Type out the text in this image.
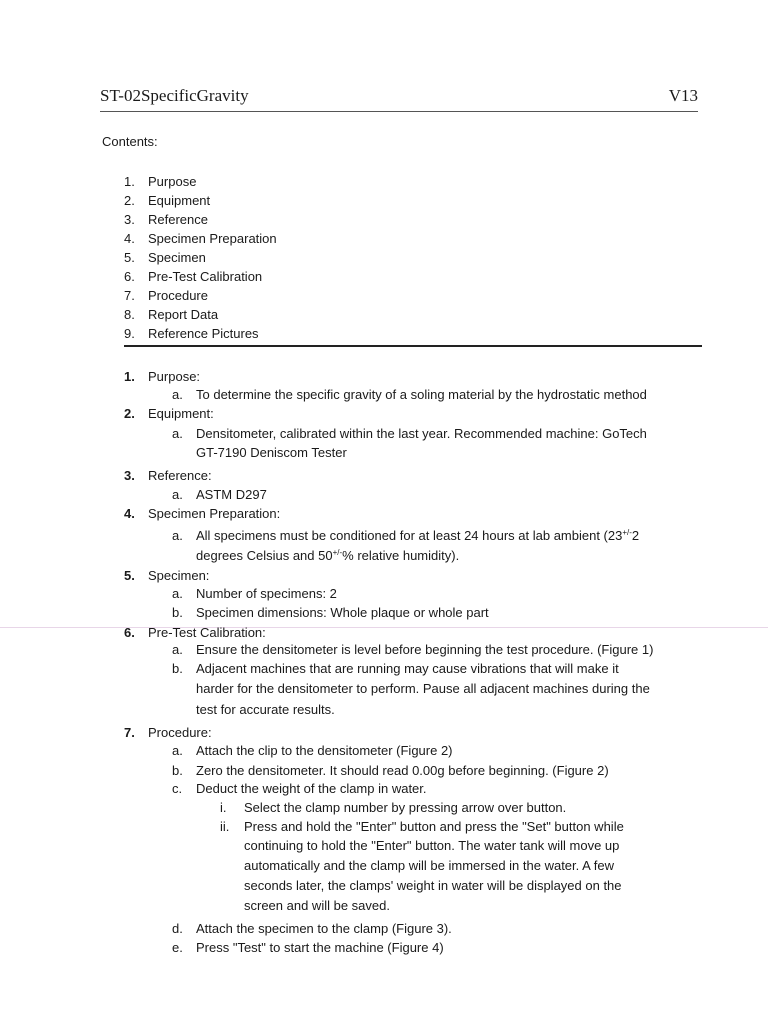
ST-02SpecificGravity	V13
Contents:
1. Purpose
2. Equipment
3. Reference
4. Specimen Preparation
5. Specimen
6. Pre-Test Calibration
7. Procedure
8. Report Data
9. Reference Pictures
1. Purpose:
a. To determine the specific gravity of a soling material by the hydrostatic method
2. Equipment:
a. Densitometer, calibrated within the last year. Recommended machine: GoTech
GT-7190 Deniscom Tester
3. Reference:
a. ASTM D297
4. Specimen Preparation:
a. All specimens must be conditioned for at least 24 hours at lab ambient (23+/-2
degrees Celsius and 50+/-% relative humidity).
5. Specimen:
a. Number of specimens: 2
b. Specimen dimensions: Whole plaque or whole part
6. Pre-Test Calibration:
a. Ensure the densitometer is level before beginning the test procedure. (Figure 1)
b. Adjacent machines that are running may cause vibrations that will make it
harder for the densitometer to perform. Pause all adjacent machines during the
test for accurate results.
7. Procedure:
a. Attach the clip to the densitometer (Figure 2)
b. Zero the densitometer. It should read 0.00g before beginning. (Figure 2)
c. Deduct the weight of the clamp in water.
i. Select the clamp number by pressing arrow over button.
ii. Press and hold the "Enter" button and press the "Set" button while
continuing to hold the "Enter" button. The water tank will move up
automatically and the clamp will be immersed in the water. A few
seconds later, the clamps' weight in water will be displayed on the
screen and will be saved.
d. Attach the specimen to the clamp (Figure 3).
e. Press "Test" to start the machine (Figure 4)
